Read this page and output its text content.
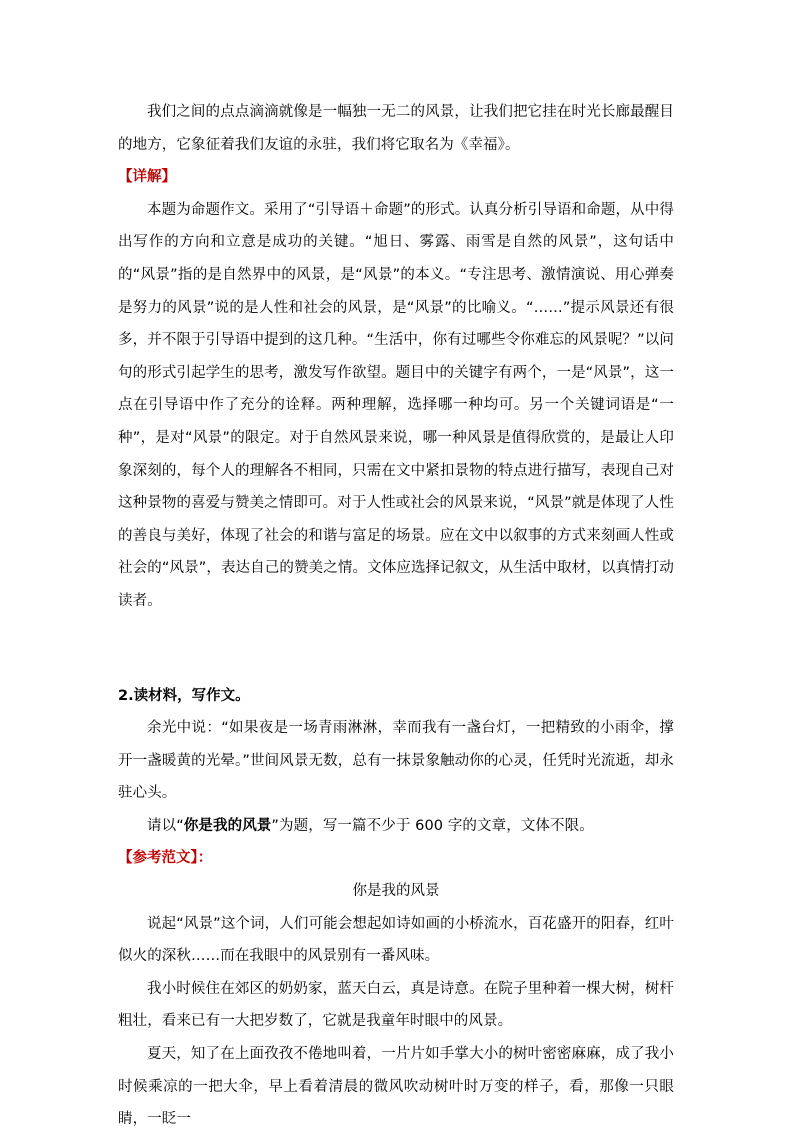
我们之间的点点滴滴就像是一幅独一无二的风景，让我们把它挂在时光长廊最醒目的地方，它象征着我们友谊的永驻，我们将它取名为《幸福》。

【详解】

本题为命题作文。采用了“引导语＋命题”的形式。认真分析引导语和命题，从中得出写作的方向和立意是成功的关键。“旭日、雾露、雨雪是自然的风景”，这句话中的“风景”指的是自然界中的风景，是“风景”的本义。“专注思考、激情演说、用心弹奏是努力的风景”说的是人性和社会的风景，是“风景”的比喻义。“……”提示风景还有很多，并不限于引导语中提到的这几种。“生活中，你有过哪些令你难忘的风景呢？”以问句的形式引起学生的思考，激发写作欲望。题目中的关键字有两个，一是“风景”，这一点在引导语中作了充分的诠释。两种理解，选择哪一种均可。另一个关键词语是“一种”，是对“风景”的限定。对于自然风景来说，哪一种风景是值得欣赏的，是最让人印象深刻的，每个人的理解各不相同，只需在文中紧扣景物的特点进行描写，表现自己对这种景物的喜爱与赞美之情即可。对于人性或社会的风景来说，“风景”就是体现了人性的善良与美好，体现了社会的和谐与富足的场景。应在文中以叙事的方式来刻画人性或社会的“风景”，表达自己的赞美之情。文体应选择记叙文，从生活中取材，以真情打动读者。

2.读材料，写作文。

余光中说：“如果夜是一场青雨淋淋，幸而我有一盏台灯，一把精致的小雨伞，撑开一盏暖黄的光晕。”世间风景无数，总有一抹景象触动你的心灵，任凭时光流逝，却永驻心头。

请以“你是我的风景”为题，写一篇不少于 600 字的文章，文体不限。

【参考范文】：

你是我的风景

说起“风景”这个词，人们可能会想起如诗如画的小桥流水，百花盛开的阳春，红叶似火的深秋……而在我眼中的风景别有一番风味。

我小时候住在郊区的奶奶家，蓝天白云，真是诗意。在院子里种着一棵大树，树杆粗壮，看来已有一大把岁数了，它就是我童年时眼中的风景。

夏天，知了在上面孜孜不倦地叫着，一片片如手掌大小的树叶密密麻麻，成了我小时候乘凉的一把大伞，早上看着清晨的微风吹动树叶时万变的样子，看，那像一只眼睛，一眨一
